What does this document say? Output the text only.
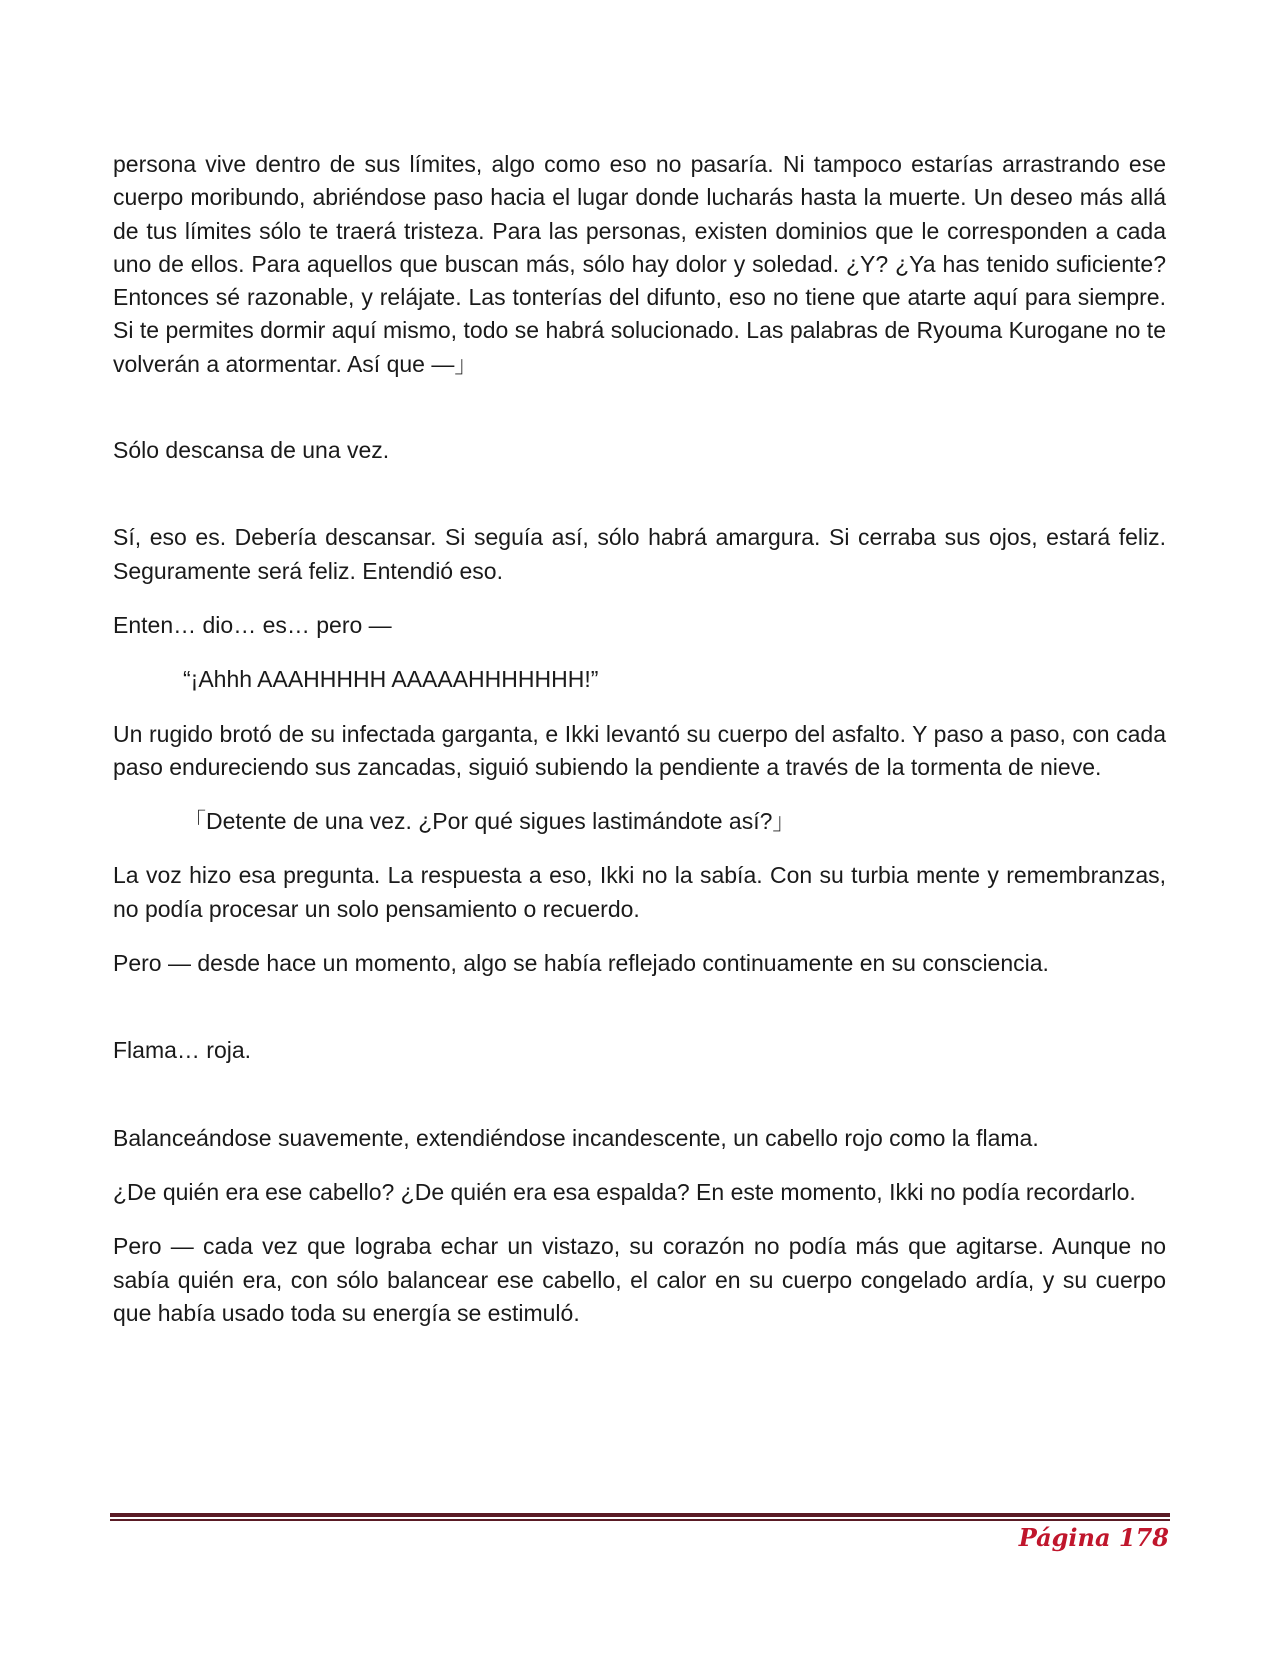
persona vive dentro de sus límites, algo como eso no pasaría. Ni tampoco estarías arrastrando ese cuerpo moribundo, abriéndose paso hacia el lugar donde lucharás hasta la muerte. Un deseo más allá de tus límites sólo te traerá tristeza. Para las personas, existen dominios que le corresponden a cada uno de ellos. Para aquellos que buscan más, sólo hay dolor y soledad. ¿Y? ¿Ya has tenido suficiente? Entonces sé razonable, y relájate. Las tonterías del difunto, eso no tiene que atarte aquí para siempre. Si te permites dormir aquí mismo, todo se habrá solucionado. Las palabras de Ryouma Kurogane no te volverán a atormentar. Así que —」

Sólo descansa de una vez.

Sí, eso es. Debería descansar. Si seguía así, sólo habrá amargura. Si cerraba sus ojos, estará feliz. Seguramente será feliz. Entendió eso.

Enten… dio… es… pero —

“¡Ahhh AAAHHHHH AAAAAHHHHHHH!”

Un rugido brotó de su infectada garganta, e Ikki levantó su cuerpo del asfalto. Y paso a paso, con cada paso endureciendo sus zancadas, siguió subiendo la pendiente a través de la tormenta de nieve.

「Detente de una vez. ¿Por qué sigues lastimándote así?」

La voz hizo esa pregunta. La respuesta a eso, Ikki no la sabía. Con su turbia mente y remembranzas, no podía procesar un solo pensamiento o recuerdo.

Pero — desde hace un momento, algo se había reflejado continuamente en su consciencia.

Flama… roja.

Balanceándose suavemente, extendiéndose incandescente, un cabello rojo como la flama.

¿De quién era ese cabello? ¿De quién era esa espalda? En este momento, Ikki no podía recordarlo.

Pero — cada vez que lograba echar un vistazo, su corazón no podía más que agitarse. Aunque no sabía quién era, con sólo balancear ese cabello, el calor en su cuerpo congelado ardía, y su cuerpo que había usado toda su energía se estimuló.

Página 178
